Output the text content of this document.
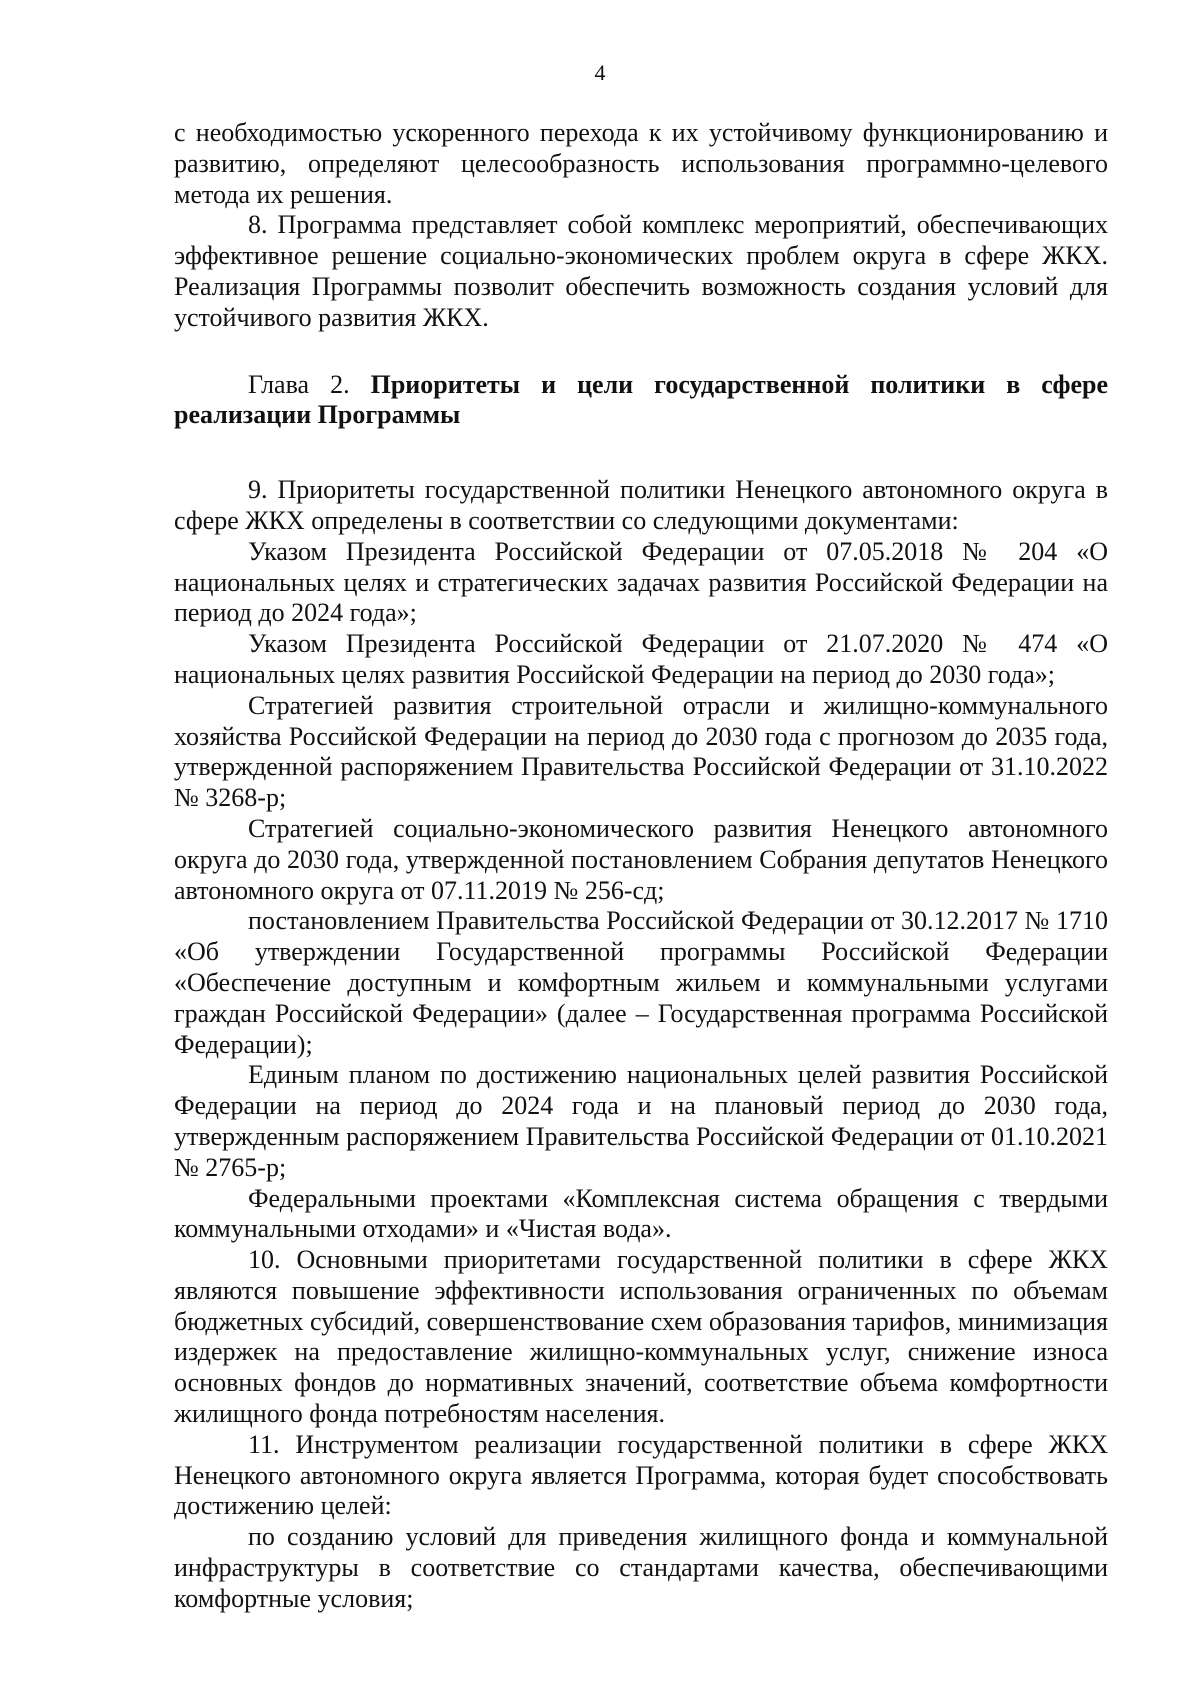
4

с необходимостью ускоренного перехода к их устойчивому функционированию и развитию, определяют целесообразность использования программно-целевого метода их решения.

8. Программа представляет собой комплекс мероприятий, обеспечивающих эффективное решение социально-экономических проблем округа в сфере ЖКХ. Реализация Программы позволит обеспечить возможность создания условий для устойчивого развития ЖКХ.

Глава 2. Приоритеты и цели государственной политики в сфере реализации Программы

9. Приоритеты государственной политики Ненецкого автономного округа в сфере ЖКХ определены в соответствии со следующими документами:

Указом Президента Российской Федерации от 07.05.2018 № 204 «О национальных целях и стратегических задачах развития Российской Федерации на период до 2024 года»;

Указом Президента Российской Федерации от 21.07.2020 № 474 «О национальных целях развития Российской Федерации на период до 2030 года»;

Стратегией развития строительной отрасли и жилищно-коммунального хозяйства Российской Федерации на период до 2030 года с прогнозом до 2035 года, утвержденной распоряжением Правительства Российской Федерации от 31.10.2022 № 3268-р;

Стратегией социально-экономического развития Ненецкого автономного округа до 2030 года, утвержденной постановлением Собрания депутатов Ненецкого автономного округа от 07.11.2019 № 256-сд;

постановлением Правительства Российской Федерации от 30.12.2017 № 1710 «Об утверждении Государственной программы Российской Федерации «Обеспечение доступным и комфортным жильем и коммунальными услугами граждан Российской Федерации» (далее – Государственная программа Российской Федерации);

Единым планом по достижению национальных целей развития Российской Федерации на период до 2024 года и на плановый период до 2030 года, утвержденным распоряжением Правительства Российской Федерации от 01.10.2021 № 2765-р;

Федеральными проектами «Комплексная система обращения с твердыми коммунальными отходами» и «Чистая вода».

10. Основными приоритетами государственной политики в сфере ЖКХ являются повышение эффективности использования ограниченных по объемам бюджетных субсидий, совершенствование схем образования тарифов, минимизация издержек на предоставление жилищно-коммунальных услуг, снижение износа основных фондов до нормативных значений, соответствие объема комфортности жилищного фонда потребностям населения.

11. Инструментом реализации государственной политики в сфере ЖКХ Ненецкого автономного округа является Программа, которая будет способствовать достижению целей:

по созданию условий для приведения жилищного фонда и коммунальной инфраструктуры в соответствие со стандартами качества, обеспечивающими комфортные условия;
